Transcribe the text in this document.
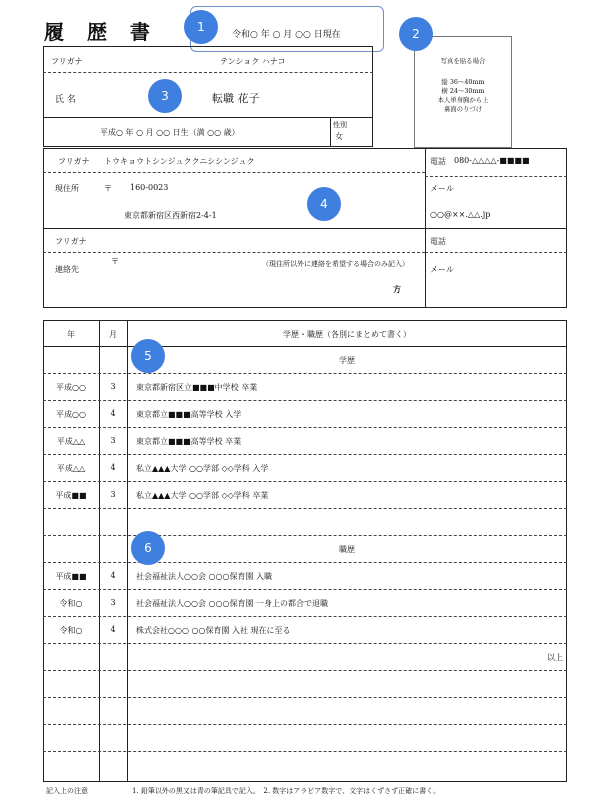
履 歴 書	令和○ 年 ○ 月 ○○ 日現在
写真を貼る場合
縦 36～40mm
横 24～30mm
本人単身胸から上
裏面のりづけ
フリガナ	テンショク ハナコ
氏 名	転職 花子
平成○ 年 ○ 月 ○○ 日生（満 ○○ 歳）
性別
女
フリガナ トウキョウトシンジュククニシシンジュク
現住所	〒 160-0023
東京都新宿区西新宿2-4-1
電話 080-△△△△-■■■■
メール
○○@××.△△.jp
フリガナ
連絡先
〒	（現住所以外に連絡を希望する場合のみ記入）
方
電話
メール
年	月	学歴・職歴（各別にまとめて書く）
学歴
平成○○	3	東京都新宿区立■■■中学校 卒業
平成○○	4	東京都立■■■高等学校 入学
平成△△	3	東京都立■■■高等学校 卒業
平成△△	4	私立▲▲▲大学 ○○学部 ◇◇学科 入学
平成■■	3	私立▲▲▲大学 ○○学部 ◇◇学科 卒業
職歴
平成■■	4	社会福祉法人○○会 ○○○保育園 入職
令和○	3	社会福祉法人○○会 ○○○保育園 一身上の都合で退職
令和○	4	株式会社○○○ ○○保育園 入社 現在に至る
以上
記入上の注意	1. 鉛筆以外の黒又は青の筆記具で記入。　2. 数字はアラビア数字で、文字はくずさず正確に書く。
1	2
3
4
5
6
